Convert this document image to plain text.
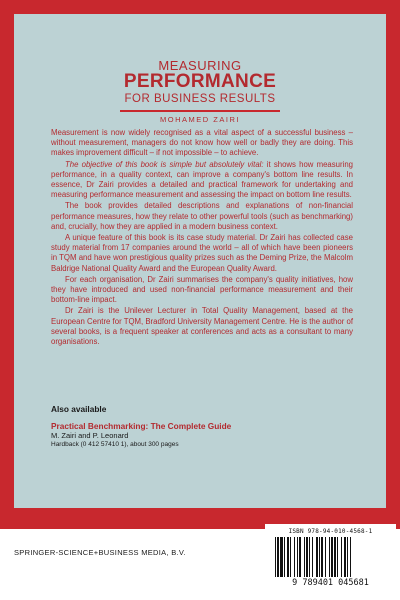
MEASURING
PERFORMANCE
FOR BUSINESS RESULTS
MOHAMED ZAIRI

Measurement is now widely recognised as a vital aspect of a successful business – without measurement, managers do not know how well or badly they are doing. This makes improvement difficult – if not impossible – to achieve.

The objective of this book is simple but absolutely vital: it shows how measuring performance, in a quality context, can improve a company's bottom line results. In essence, Dr Zairi provides a detailed and practical framework for undertaking and measuring performance measurement and assessing the impact on bottom line results.

The book provides detailed descriptions and explanations of non-financial performance measures, how they relate to other powerful tools (such as benchmarking) and, crucially, how they are applied in a modern business context.

A unique feature of this book is its case study material. Dr Zairi has collected case study material from 17 companies around the world – all of which have been pioneers in TQM and have won prestigious quality prizes such as the Deming Prize, the Malcolm Baldrige National Quality Award and the European Quality Award.

For each organisation, Dr Zairi summarises the company's quality initiatives, how they have introduced and used non-financial performance measurement and their bottom-line impact.

Dr Zairi is the Unilever Lecturer in Total Quality Management, based at the European Centre for TQM, Bradford University Management Centre. He is the author of several books, is a frequent speaker at conferences and acts as a consultant to many organisations.

Also available
Practical Benchmarking: The Complete Guide
M. Zairi and P. Leonard
Hardback (0 412 57410 1), about 300 pages
SPRINGER-SCIENCE+BUSINESS MEDIA, B.V.
ISBN 978-94-010-4568-1
9 789401 045681
